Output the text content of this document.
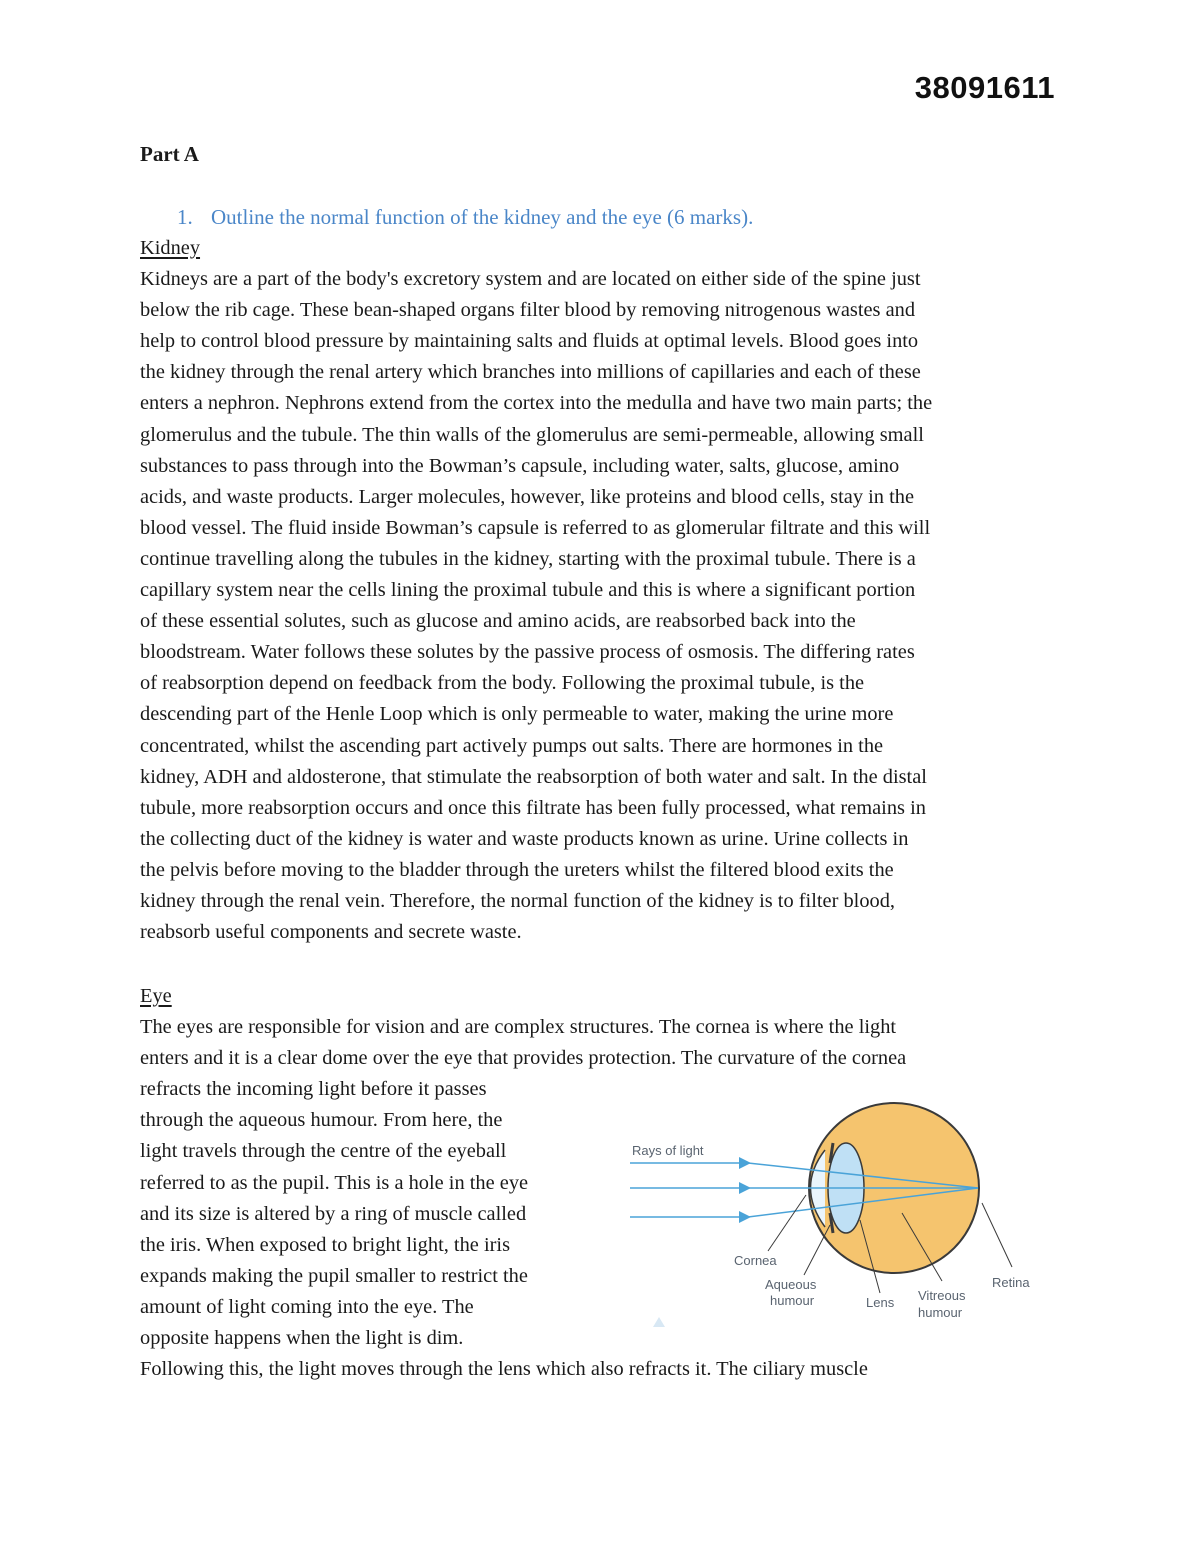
38091611
Part A
1. Outline the normal function of the kidney and the eye (6 marks).
Kidney
Kidneys are a part of the body's excretory system and are located on either side of the spine just
below the rib cage. These bean-shaped organs filter blood by removing nitrogenous wastes and
help to control blood pressure by maintaining salts and fluids at optimal levels. Blood goes into
the kidney through the renal artery which branches into millions of capillaries and each of these
enters a nephron. Nephrons extend from the cortex into the medulla and have two main parts; the
glomerulus and the tubule. The thin walls of the glomerulus are semi-permeable, allowing small
substances to pass through into the Bowman’s capsule, including water, salts, glucose, amino
acids, and waste products. Larger molecules, however, like proteins and blood cells, stay in the
blood vessel. The fluid inside Bowman’s capsule is referred to as glomerular filtrate and this will
continue travelling along the tubules in the kidney, starting with the proximal tubule. There is a
capillary system near the cells lining the proximal tubule and this is where a significant portion
of these essential solutes, such as glucose and amino acids, are reabsorbed back into the
bloodstream. Water follows these solutes by the passive process of osmosis. The differing rates
of reabsorption depend on feedback from the body. Following the proximal tubule, is the
descending part of the Henle Loop which is only permeable to water, making the urine more
concentrated, whilst the ascending part actively pumps out salts. There are hormones in the
kidney, ADH and aldosterone, that stimulate the reabsorption of both water and salt. In the distal
tubule, more reabsorption occurs and once this filtrate has been fully processed, what remains in
the collecting duct of the kidney is water and waste products known as urine. Urine collects in
the pelvis before moving to the bladder through the ureters whilst the filtered blood exits the
kidney through the renal vein. Therefore, the normal function of the kidney is to filter blood,
reabsorb useful components and secrete waste.
Eye
The eyes are responsible for vision and are complex structures. The cornea is where the light
enters and it is a clear dome over the eye that provides protection. The curvature of the cornea
refracts the incoming light before it passes
through the aqueous humour. From here, the
light travels through the centre of the eyeball
referred to as the pupil. This is a hole in the eye
and its size is altered by a ring of muscle called
the iris. When exposed to bright light, the iris
expands making the pupil smaller to restrict the
amount of light coming into the eye. The
opposite happens when the light is dim.
Following this, the light moves through the lens which also refracts it. The ciliary muscle
Rays of light
Cornea
Aqueous
humour	Lens Vitreous
humour
Retina
